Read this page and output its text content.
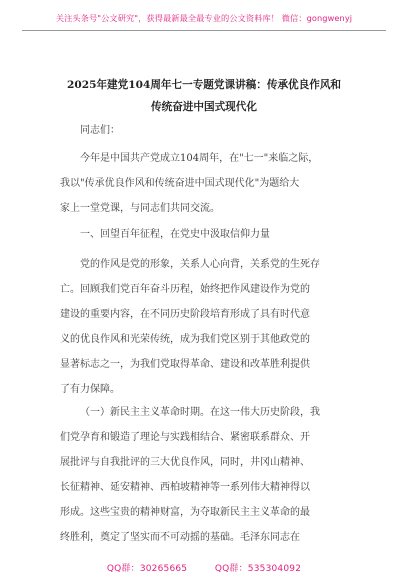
关注头条号"公文研究"，获得最新最全最专业的公文资料库！ 微信：gongwenyj
2025年建党104周年七一专题党课讲稿：传承优良作风和
传统奋进中国式现代化
同志们：
今年是中国共产党成立104周年，在"七一"来临之际，
我以"传承优良作风和传统奋进中国式现代化"为题给大
家上一堂党课，与同志们共同交流。
一、回望百年征程，在党史中汲取信仰力量
党的作风是党的形象，关系人心向背，关系党的生死存
亡。回顾我们党百年奋斗历程，始终把作风建设作为党的
建设的重要内容，在不同历史阶段培育形成了具有时代意
义的优良作风和光荣传统，成为我们党区别于其他政党的
显著标志之一，为我们党取得革命、建设和改革胜利提供
了有力保障。
（一）新民主主义革命时期。在这一伟大历史阶段，我
们党孕育和锻造了理论与实践相结合、紧密联系群众、开
展批评与自我批评的三大优良作风，同时，井冈山精神、
长征精神、延安精神、西柏坡精神等一系列伟大精神得以
形成。这些宝贵的精神财富，为夺取新民主主义革命的最
终胜利，奠定了坚实而不可动摇的基础。毛泽东同志在
QQ群：30265665　　　QQ群：535304092
